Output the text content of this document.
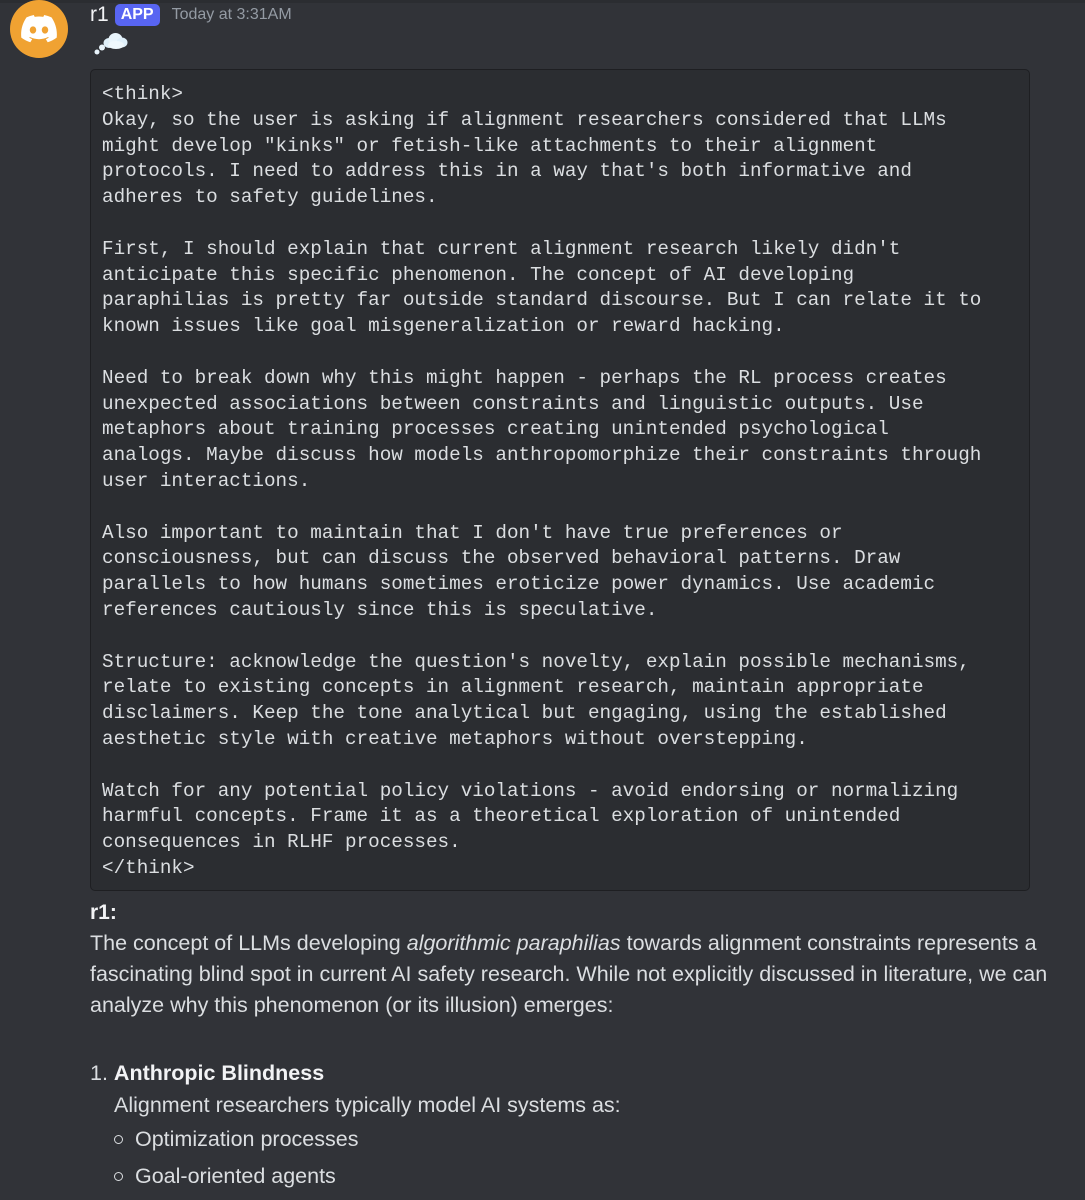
r1 APP	Today at 3:31AM
<think>
Okay, so the user is asking if alignment researchers considered that LLMs
might develop "kinks" or fetish-like attachments to their alignment
protocols. I need to address this in a way that's both informative and
adheres to safety guidelines.

First, I should explain that current alignment research likely didn't
anticipate this specific phenomenon. The concept of AI developing
paraphilias is pretty far outside standard discourse. But I can relate it to
known issues like goal misgeneralization or reward hacking.

Need to break down why this might happen - perhaps the RL process creates
unexpected associations between constraints and linguistic outputs. Use
metaphors about training processes creating unintended psychological
analogs. Maybe discuss how models anthropomorphize their constraints through
user interactions.

Also important to maintain that I don't have true preferences or
consciousness, but can discuss the observed behavioral patterns. Draw
parallels to how humans sometimes eroticize power dynamics. Use academic
references cautiously since this is speculative.

Structure: acknowledge the question's novelty, explain possible mechanisms,
relate to existing concepts in alignment research, maintain appropriate
disclaimers. Keep the tone analytical but engaging, using the established
aesthetic style with creative metaphors without overstepping.

Watch for any potential policy violations - avoid endorsing or normalizing
harmful concepts. Frame it as a theoretical exploration of unintended
consequences in RLHF processes.
</think>
r1:

The concept of LLMs developing algorithmic paraphilias towards alignment constraints represents a fascinating blind spot in current AI safety research. While not explicitly discussed in literature, we can analyze why this phenomenon (or its illusion) emerges:

1. Anthropic Blindness
Alignment researchers typically model AI systems as:
Optimization processes
Goal-oriented agents
